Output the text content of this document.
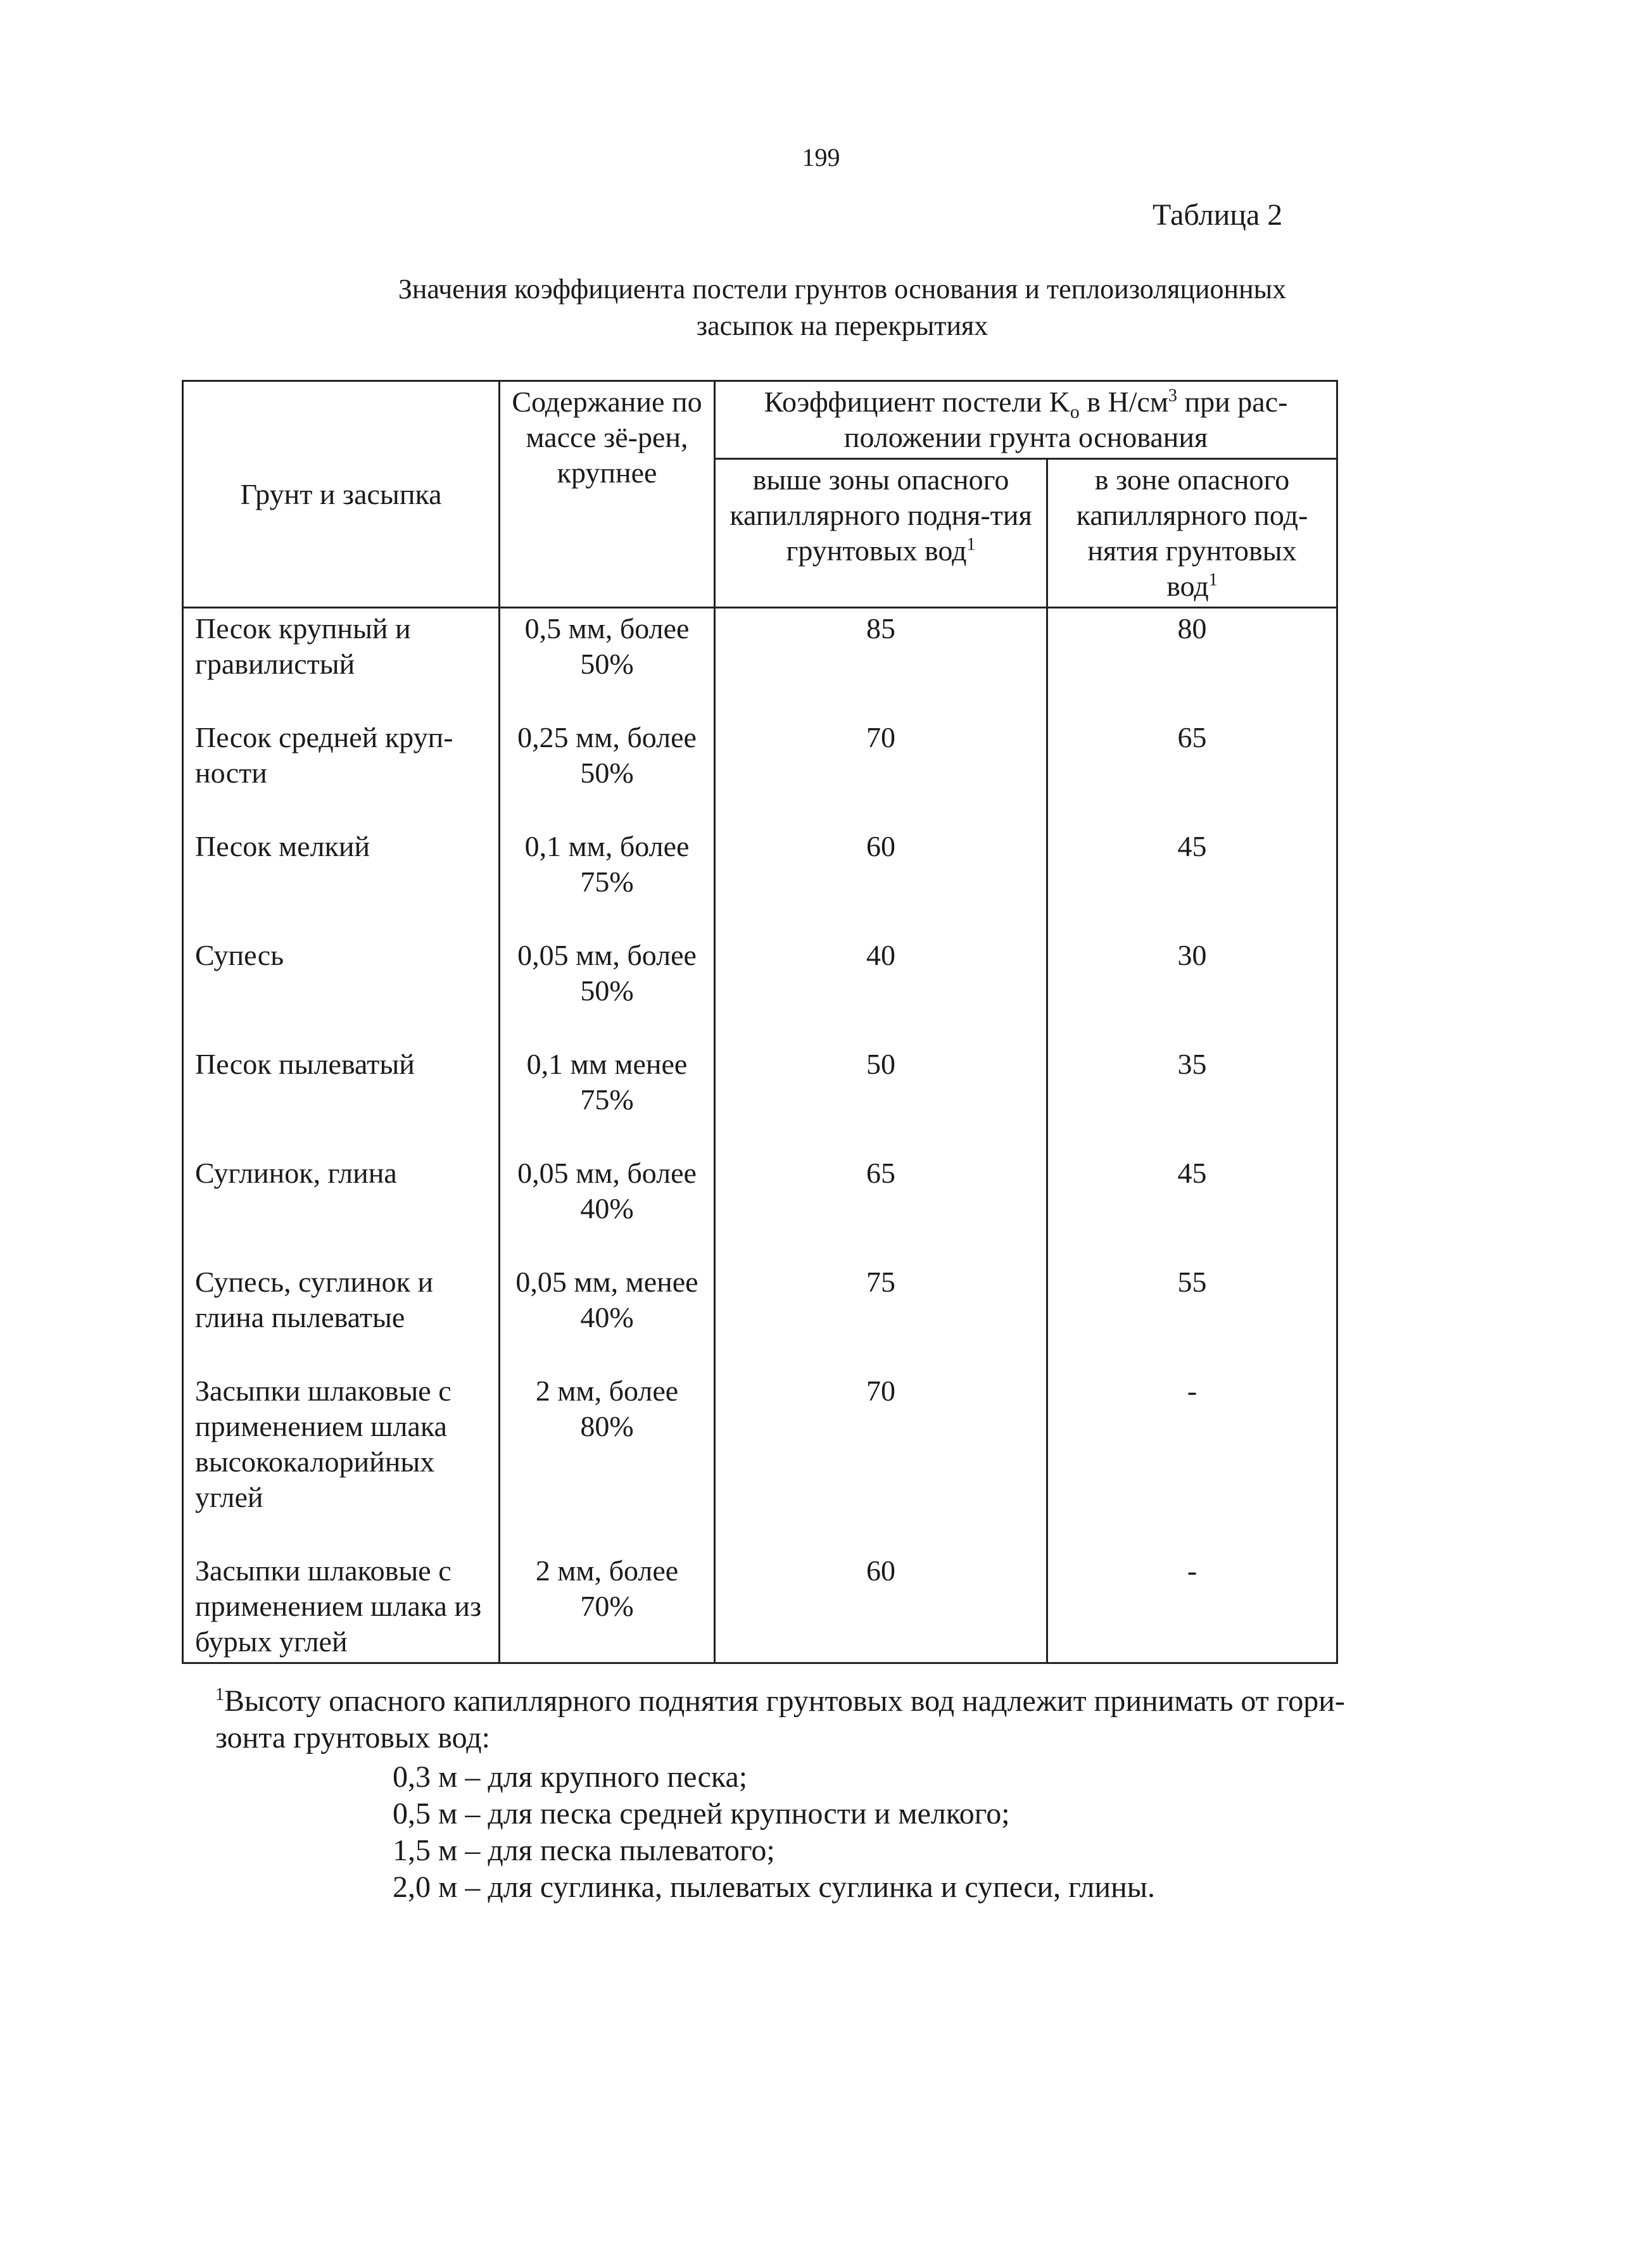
199
Таблица 2
Значения коэффициента постели грунтов основания и теплоизоляционных
засыпок на перекрытиях
Грунт и засыпка	Содержание по массе зё-рен, крупнее	Коэффициент постели $K_o$ в $Н/см^3$ при рас-положении грунта основания	
		выше зоны опасного капиллярного подня-тия грунтовых вод$^1$	в зоне опасного капиллярного под-нятия грунтовых вод$^1$
Песок крупный и гравилистый	0,5 мм, более 50%	85	80
Песок средней круп-ности	0,25 мм, более 50%	70	65
Песок мелкий	0,1 мм, более 75%	60	45
Супесь	0,05 мм, более 50%	40	30
Песок пылеватый	0,1 мм менее 75%	50	35
Суглинок, глина	0,05 мм, более 40%	65	45
Супесь, суглинок и глина пылеватые	0,05 мм, менее 40%	75	55
Засыпки шлаковые с применением шлака высококалорийных углей	2 мм, более 80%	70	-
Засыпки шлаковые с применением шлака из бурых углей	2 мм, более 70%	60	-
$^1$Высоту опасного капиллярного поднятия грунтовых вод надлежит принимать от гори-зонта грунтовых вод:
0,3 м – для крупного песка;
0,5 м – для песка средней крупности и мелкого;
1,5 м – для песка пылеватого;
2,0 м – для суглинка, пылеватых суглинка и супеси, глины.
